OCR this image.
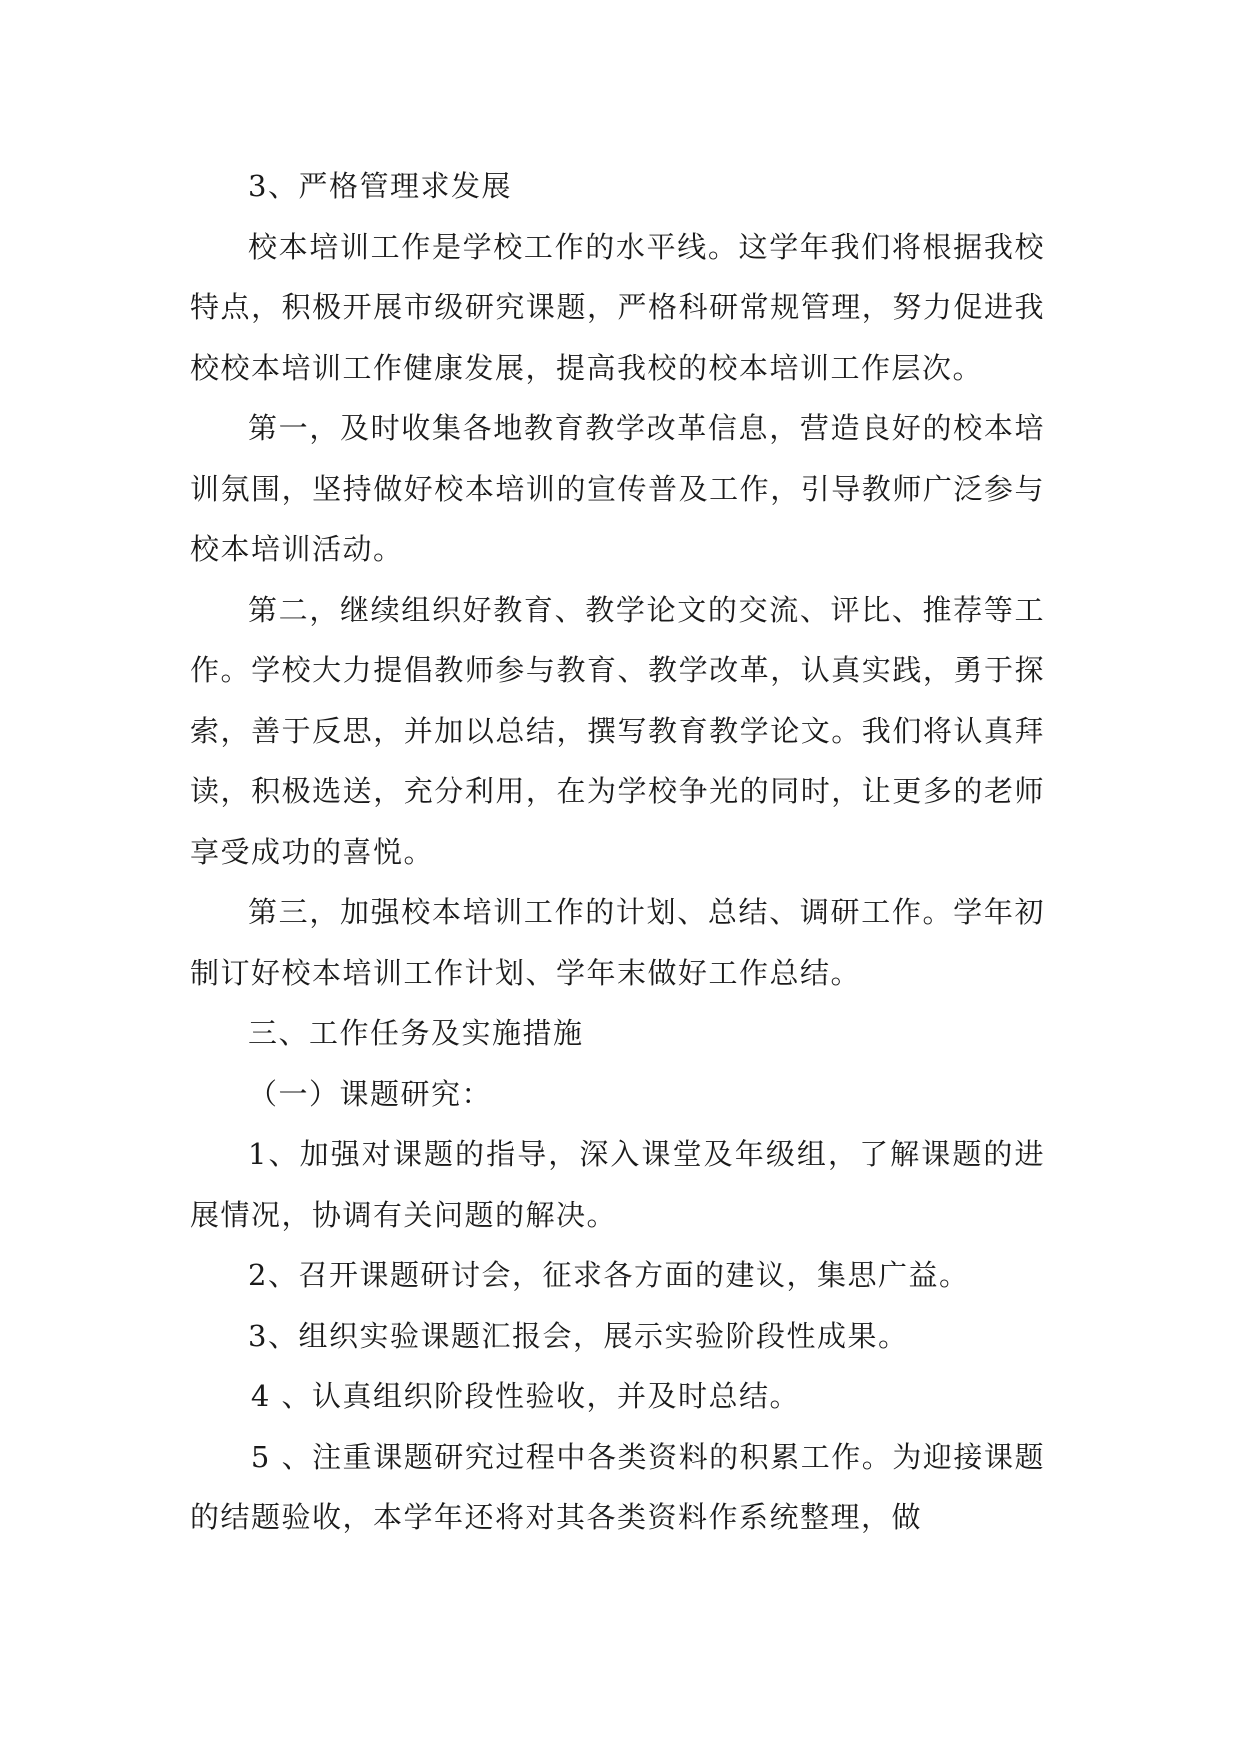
3、严格管理求发展

校本培训工作是学校工作的水平线。这学年我们将根据我校特点，积极开展市级研究课题，严格科研常规管理，努力促进我校校本培训工作健康发展，提高我校的校本培训工作层次。

第一，及时收集各地教育教学改革信息，营造良好的校本培训氛围，坚持做好校本培训的宣传普及工作，引导教师广泛参与校本培训活动。

第二，继续组织好教育、教学论文的交流、评比、推荐等工作。学校大力提倡教师参与教育、教学改革，认真实践，勇于探索，善于反思，并加以总结，撰写教育教学论文。我们将认真拜读，积极选送，充分利用，在为学校争光的同时，让更多的老师享受成功的喜悦。

第三，加强校本培训工作的计划、总结、调研工作。学年初制订好校本培训工作计划、学年末做好工作总结。

三、工作任务及实施措施

（一）课题研究：

1、加强对课题的指导，深入课堂及年级组，了解课题的进展情况，协调有关问题的解决。

2、召开课题研讨会，征求各方面的建议，集思广益。

3、组织实验课题汇报会，展示实验阶段性成果。

4 、认真组织阶段性验收，并及时总结。

5 、注重课题研究过程中各类资料的积累工作。为迎接课题的结题验收，本学年还将对其各类资料作系统整理，做
